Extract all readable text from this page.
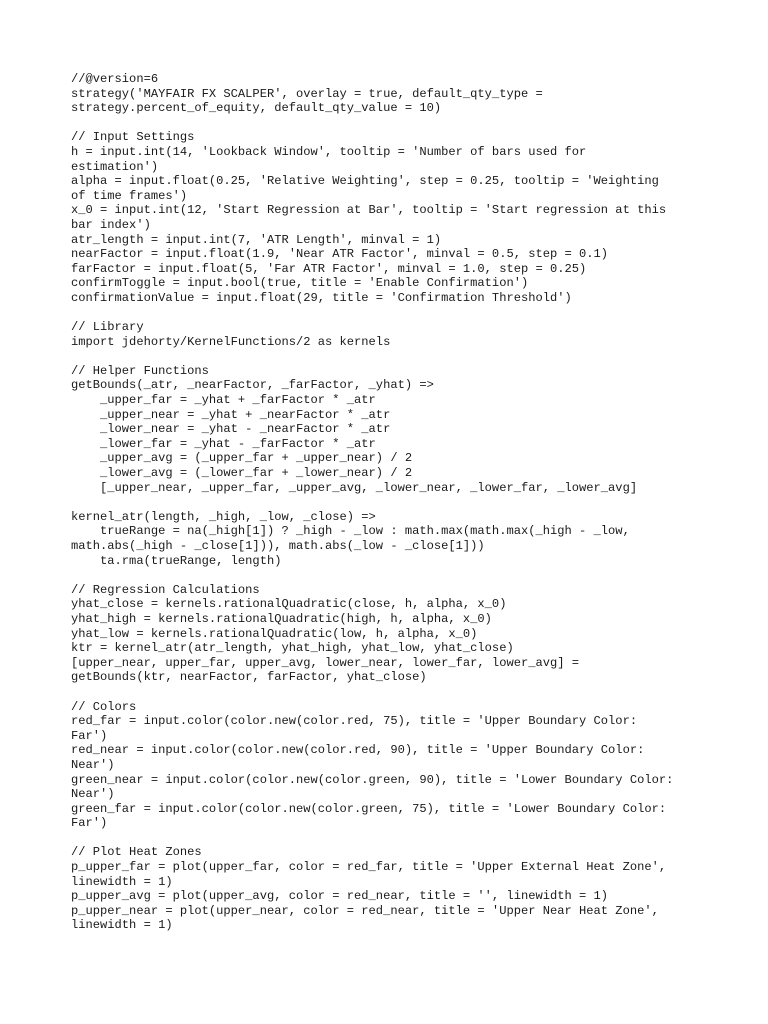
//@version=6
strategy('MAYFAIR FX SCALPER', overlay = true, default_qty_type =
strategy.percent_of_equity, default_qty_value = 10)
// Input Settings
h = input.int(14, 'Lookback Window', tooltip = 'Number of bars used for
estimation')
alpha = input.float(0.25, 'Relative Weighting', step = 0.25, tooltip = 'Weighting
of time frames')
x_0 = input.int(12, 'Start Regression at Bar', tooltip = 'Start regression at this
bar index')
atr_length = input.int(7, 'ATR Length', minval = 1)
nearFactor = input.float(1.9, 'Near ATR Factor', minval = 0.5, step = 0.1)
farFactor = input.float(5, 'Far ATR Factor', minval = 1.0, step = 0.25)
confirmToggle = input.bool(true, title = 'Enable Confirmation')
confirmationValue = input.float(29, title = 'Confirmation Threshold')
// Library
import jdehorty/KernelFunctions/2 as kernels
// Helper Functions
getBounds(_atr, _nearFactor, _farFactor, _yhat) =>
_upper_far = _yhat + _farFactor * _atr
_upper_near = _yhat + _nearFactor * _atr
_lower_near = _yhat - _nearFactor * _atr
_lower_far = _yhat - _farFactor * _atr
_upper_avg = (_upper_far + _upper_near) / 2
_lower_avg = (_lower_far + _lower_near) / 2
[_upper_near, _upper_far, _upper_avg, _lower_near, _lower_far, _lower_avg]
kernel_atr(length, _high, _low, _close) =>
trueRange = na(_high[1]) ? _high - _low : math.max(math.max(_high - _low,
math.abs(_high - _close[1])), math.abs(_low - _close[1]))
ta.rma(trueRange, length)
// Regression Calculations
yhat_close = kernels.rationalQuadratic(close, h, alpha, x_0)
yhat_high = kernels.rationalQuadratic(high, h, alpha, x_0)
yhat_low = kernels.rationalQuadratic(low, h, alpha, x_0)
ktr = kernel_atr(atr_length, yhat_high, yhat_low, yhat_close)
[upper_near, upper_far, upper_avg, lower_near, lower_far, lower_avg] =
getBounds(ktr, nearFactor, farFactor, yhat_close)
// Colors
red_far = input.color(color.new(color.red, 75), title = 'Upper Boundary Color:
Far')
red_near = input.color(color.new(color.red, 90), title = 'Upper Boundary Color:
Near')
green_near = input.color(color.new(color.green, 90), title = 'Lower Boundary Color:
Near')
green_far = input.color(color.new(color.green, 75), title = 'Lower Boundary Color:
Far')
// Plot Heat Zones
p_upper_far = plot(upper_far, color = red_far, title = 'Upper External Heat Zone',
linewidth = 1)
p_upper_avg = plot(upper_avg, color = red_near, title = '', linewidth = 1)
p_upper_near = plot(upper_near, color = red_near, title = 'Upper Near Heat Zone',
linewidth = 1)
